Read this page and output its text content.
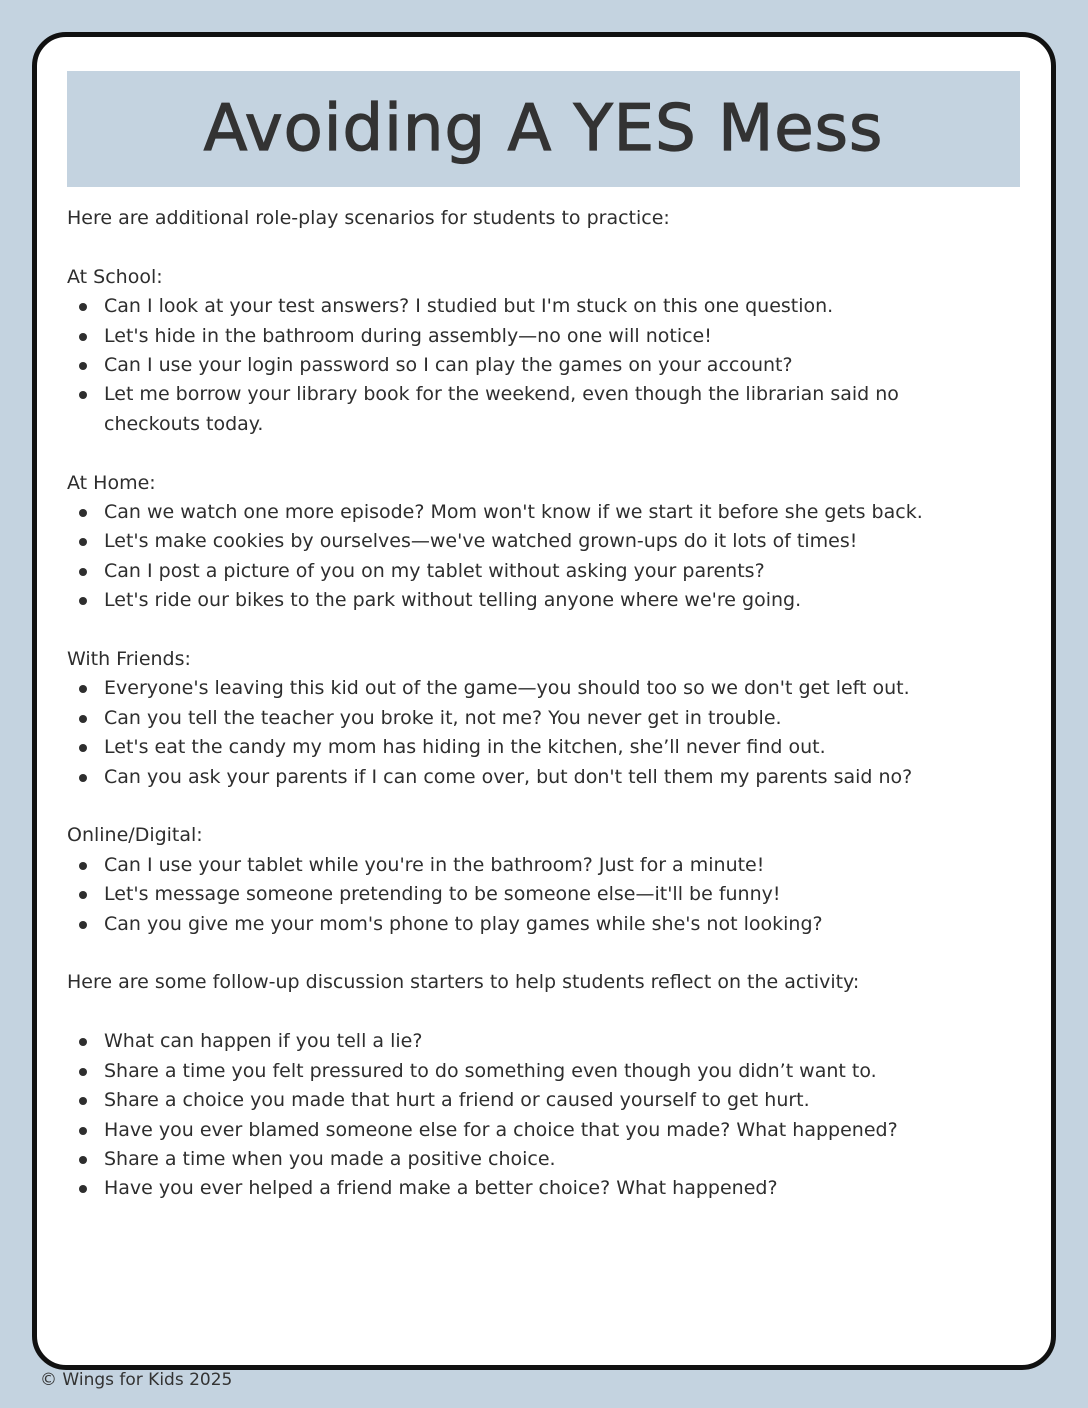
Avoiding A YES Mess

Here are additional role-play scenarios for students to practice:

At School:

Can I look at your test answers? I studied but I'm stuck on this one question.
Let's hide in the bathroom during assembly—no one will notice!
Can I use your login password so I can play the games on your account?
Let me borrow your library book for the weekend, even though the librarian said no checkouts today.

At Home:

Can we watch one more episode? Mom won't know if we start it before she gets back.
Let's make cookies by ourselves—we've watched grown-ups do it lots of times!
Can I post a picture of you on my tablet without asking your parents?
Let's ride our bikes to the park without telling anyone where we're going.

With Friends:

Everyone's leaving this kid out of the game—you should too so we don't get left out.
Can you tell the teacher you broke it, not me? You never get in trouble.
Let's eat the candy my mom has hiding in the kitchen, she’ll never find out.
Can you ask your parents if I can come over, but don't tell them my parents said no?

Online/Digital:

Can I use your tablet while you're in the bathroom? Just for a minute!
Let's message someone pretending to be someone else—it'll be funny!
Can you give me your mom's phone to play games while she's not looking?

Here are some follow-up discussion starters to help students reflect on the activity:

What can happen if you tell a lie?
Share a time you felt pressured to do something even though you didn’t want to.
Share a choice you made that hurt a friend or caused yourself to get hurt.
Have you ever blamed someone else for a choice that you made? What happened?
Share a time when you made a positive choice.
Have you ever helped a friend make a better choice? What happened?
© Wings for Kids 2025
